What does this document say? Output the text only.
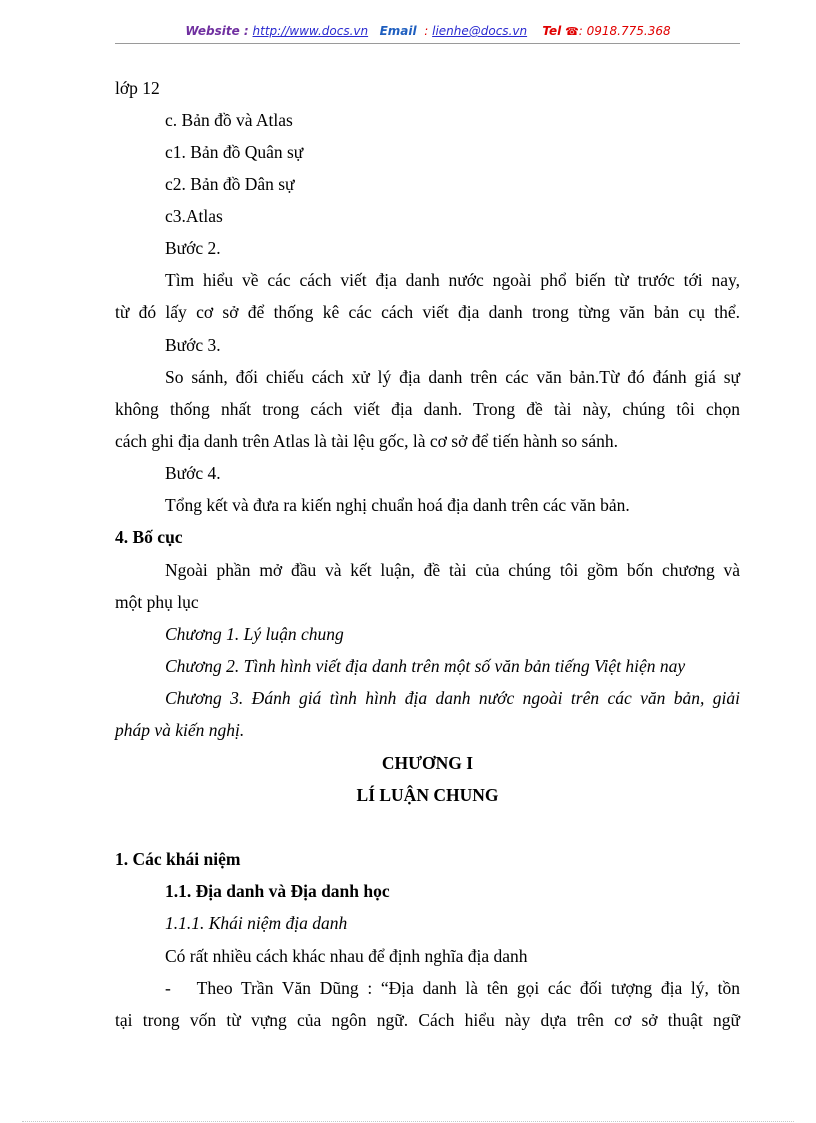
Website : http://www.docs.vn Email : lienhe@docs.vn Tel ☎: 0918.775.368
lớp 12
c. Bản đồ và Atlas
c1. Bản đồ Quân sự
c2. Bản đồ Dân sự
c3.Atlas
Bước 2.
Tìm hiểu về các cách viết địa danh nước ngoài phổ biến từ trước tới nay,
từ đó lấy cơ sở để thống kê các cách viết địa danh trong từng văn bản cụ thể.
Bước 3.
So sánh, đối chiếu cách xử lý địa danh trên các văn bản.Từ đó đánh giá sự
không thống nhất trong cách viết địa danh. Trong đề tài này, chúng tôi chọn
cách ghi địa danh trên Atlas là tài lệu gốc, là cơ sở để tiến hành so sánh.
Bước 4.
Tổng kết và đưa ra kiến nghị chuẩn hoá địa danh trên các văn bản.
4. Bố cục
Ngoài phần mở đầu và kết luận, đề tài của chúng tôi gồm bốn chương và
một phụ lục
Chương 1. Lý luận chung
Chương 2. Tình hình viết địa danh trên một số văn bản tiếng Việt hiện nay
Chương 3. Đánh giá tình hình địa danh nước ngoài trên các văn bản, giải
pháp và kiến nghị.
CHƯƠNG I
LÍ LUẬN CHUNG
1. Các khái niệm
1.1. Địa danh và Địa danh học
1.1.1. Khái niệm địa danh
Có rất nhiều cách khác nhau để định nghĩa địa danh
-   Theo Trần Văn Dũng : “Địa danh là tên gọi các đối tượng địa lý, tồn
tại trong vốn từ vựng của ngôn ngữ. Cách hiểu này dựa trên cơ sở thuật ngữ
